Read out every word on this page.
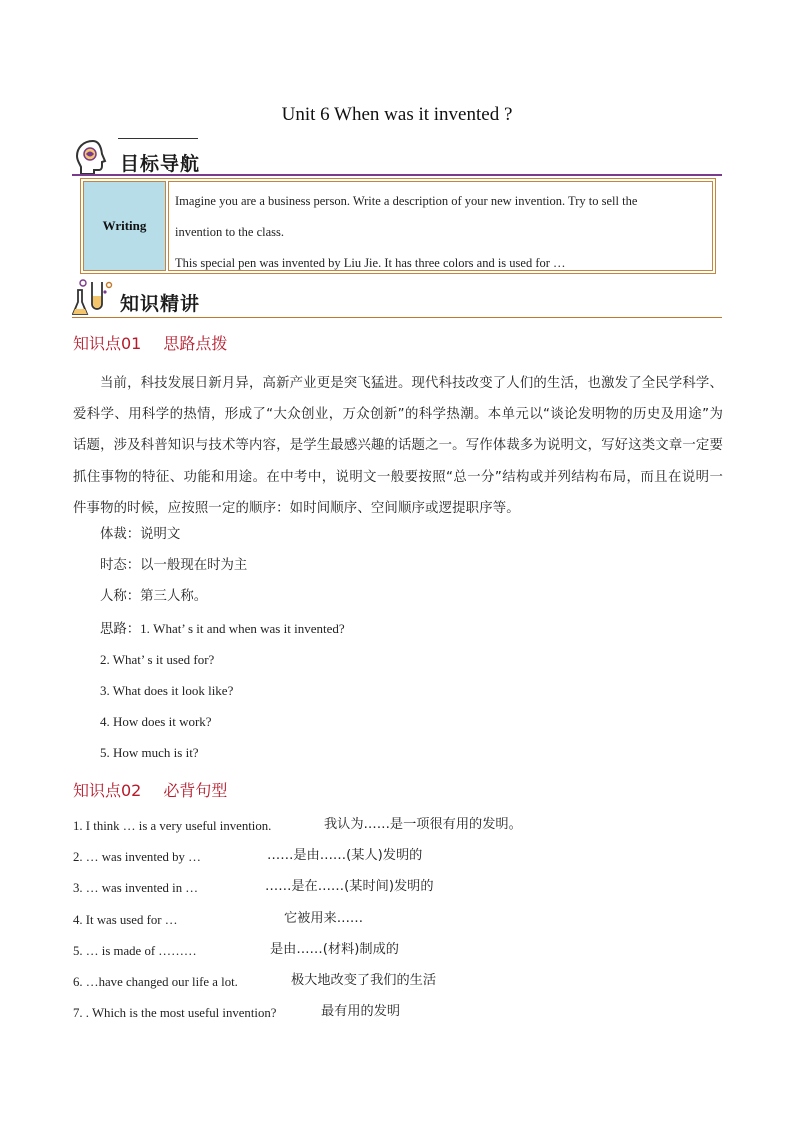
Unit 6 When was it invented ?
目标导航
Writing
Imagine you are a business person. Write a description of your new invention. Try to sell the
invention to the class.
This special pen was invented by Liu Jie. It has three colors and is used for …
知识精讲
知识点01 思路点拨
当前，科技发展日新月异，高新产业更是突飞猛进。现代科技改变了人们的生活，也激发了全民学科学、爱科学、用科学的热情，形成了“大众创业，万众创新”的科学热潮。本单元以“谈论发明物的历史及用途”为话题，涉及科普知识与技术等内容，是学生最感兴趣的话题之一。写作体裁多为说明文，写好这类文章一定要抓住事物的特征、功能和用途。在中考中，说明文一般要按照“总一分”结构或并列结构布局，而且在说明一件事物的时候，应按照一定的顺序：如时间顺序、空间顺序或逻提职序等。
体裁：说明文
时态：以一般现在时为主
人称：第三人称。
思路：1. What’ s it and when was it invented?
2. What’ s it used for?
3. What does it look like?
4. How does it work?
5. How much is it?
知识点02 必背句型
1. I think … is a very useful invention.	我认为……是一项很有用的发明。
2. … was invented by …	……是由……(某人)发明的
3. … was invented in …	……是在……(某时间)发明的
4. It was used for …	它被用来……
5. … is made of ………	是由……(材料)制成的
6. …have changed our life a lot.	极大地改变了我们的生活
7. . Which is the most useful invention?	最有用的发明
